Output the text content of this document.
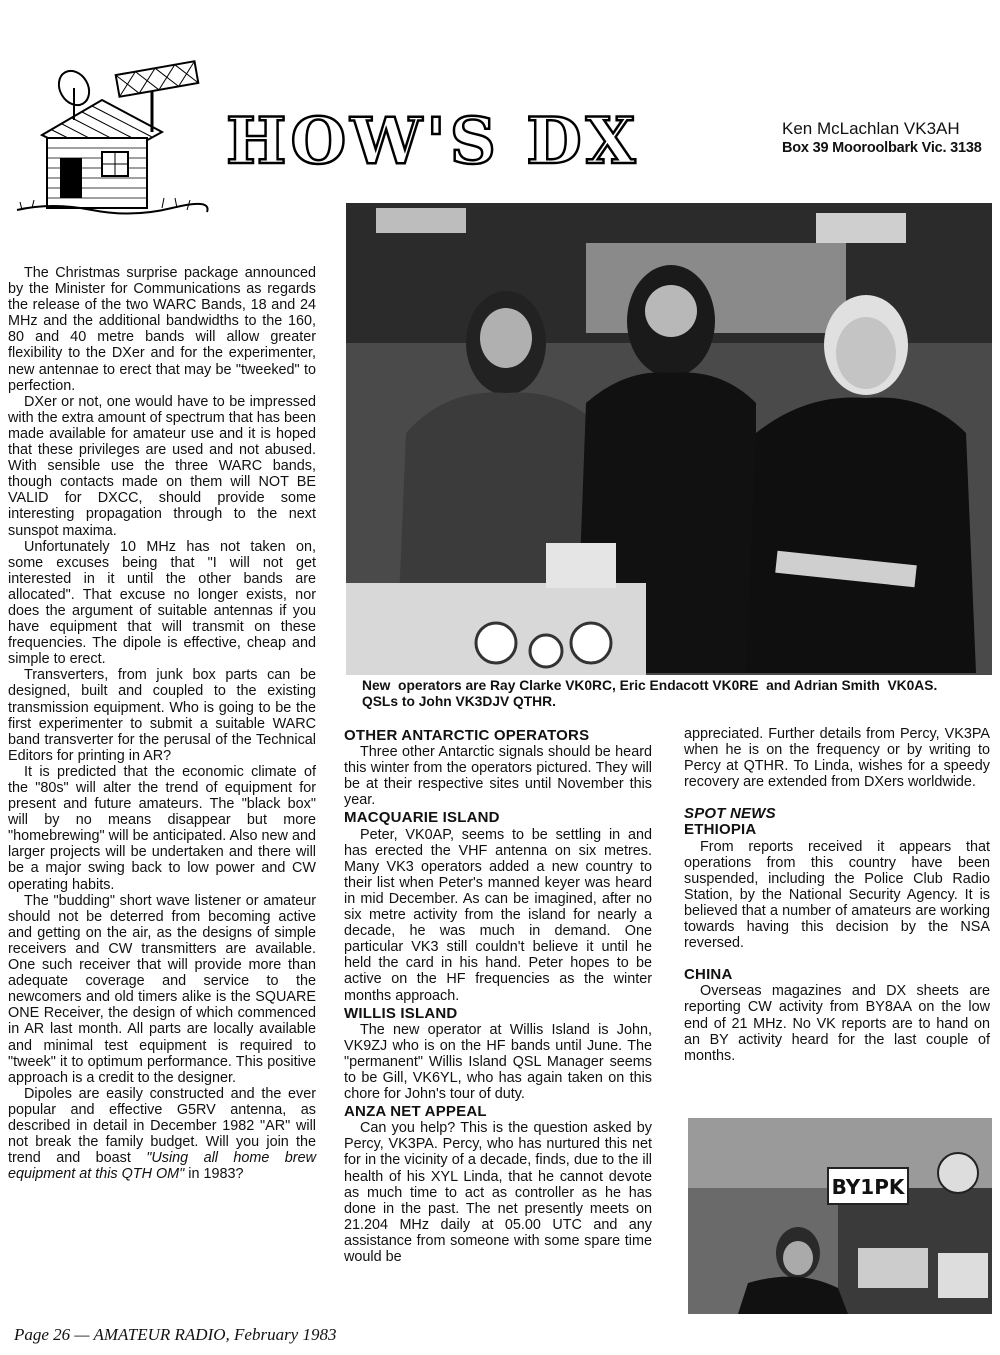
HOW'S DX	Ken McLachlan VK3AH
Box 39 Mooroolbark Vic. 3138
New  operators are Ray Clarke VK0RC, Eric Endacott VK0RE  and Adrian Smith  VK0AS.
QSLs to John VK3DJV QTHR.

The Christmas surprise package announced by the Minister for Communications as regards the release of the two WARC Bands, 18 and 24 MHz and the additional bandwidths to the 160, 80 and 40 metre bands will allow greater flexibility to the DXer and for the experimenter, new antennae to erect that may be "tweeked" to perfection.

DXer or not, one would have to be impressed with the extra amount of spectrum that has been made available for amateur use and it is hoped that these privileges are used and not abused. With sensible use the three WARC bands, though contacts made on them will NOT BE VALID for DXCC, should provide some interesting propagation through to the next sunspot maxima.

Unfortunately 10 MHz has not taken on, some excuses being that "I will not get interested in it until the other bands are allocated". That excuse no longer exists, nor does the argument of suitable antennas if you have equipment that will transmit on these frequencies. The dipole is effective, cheap and simple to erect.

Transverters, from junk box parts can be designed, built and coupled to the existing transmission equipment. Who is going to be the first experimenter to submit a suitable WARC band transverter for the perusal of the Technical Editors for printing in AR?

It is predicted that the economic climate of the "80s" will alter the trend of equipment for present and future amateurs. The "black box" will by no means disappear but more "homebrewing" will be anticipated. Also new and larger projects will be undertaken and there will be a major swing back to low power and CW operating habits.

The "budding" short wave listener or amateur should not be deterred from becoming active and getting on the air, as the designs of simple receivers and CW transmitters are available. One such receiver that will provide more than adequate coverage and service to the newcomers and old timers alike is the SQUARE ONE Receiver, the design of which commenced in AR last month. All parts are locally available and minimal test equipment is required to "tweek" it to optimum performance. This positive approach is a credit to the designer.

Dipoles are easily constructed and the ever popular and effective G5RV antenna, as described in detail in December 1982 "AR" will not break the family budget. Will you join the trend and boast "Using all home brew equipment at this QTH OM" in 1983?

OTHER ANTARCTIC OPERATORS

Three other Antarctic signals should be heard this winter from the operators pictured. They will be at their respective sites until November this year.

MACQUARIE ISLAND

Peter, VK0AP, seems to be settling in and has erected the VHF antenna on six metres. Many VK3 operators added a new country to their list when Peter's manned keyer was heard in mid December. As can be imagined, after no six metre activity from the island for nearly a decade, he was much in demand. One particular VK3 still couldn't believe it until he held the card in his hand. Peter hopes to be active on the HF frequencies as the winter months approach.

WILLIS ISLAND

The new operator at Willis Island is John, VK9ZJ who is on the HF bands until June. The "permanent" Willis Island QSL Manager seems to be Gill, VK6YL, who has again taken on this chore for John's tour of duty.

ANZA NET APPEAL

Can you help? This is the question asked by Percy, VK3PA. Percy, who has nurtured this net for in the vicinity of a decade, finds, due to the ill health of his XYL Linda, that he cannot devote as much time to act as controller as he has done in the past. The net presently meets on 21.204 MHz daily at 05.00 UTC and any assistance from someone with some spare time would be

appreciated. Further details from Percy, VK3PA when he is on the frequency or by writing to Percy at QTHR. To Linda, wishes for a speedy recovery are extended from DXers worldwide.

SPOT NEWS
ETHIOPIA

From reports received it appears that operations from this country have been suspended, including the Police Club Radio Station, by the National Security Agency. It is believed that a number of amateurs are working towards having this decision by the NSA reversed.

CHINA

Overseas magazines and DX sheets are reporting CW activity from BY8AA on the low end of 21 MHz. No VK reports are to hand on an BY activity heard for the last couple of months.

BY1PK
Page 26 — AMATEUR RADIO, February 1983
